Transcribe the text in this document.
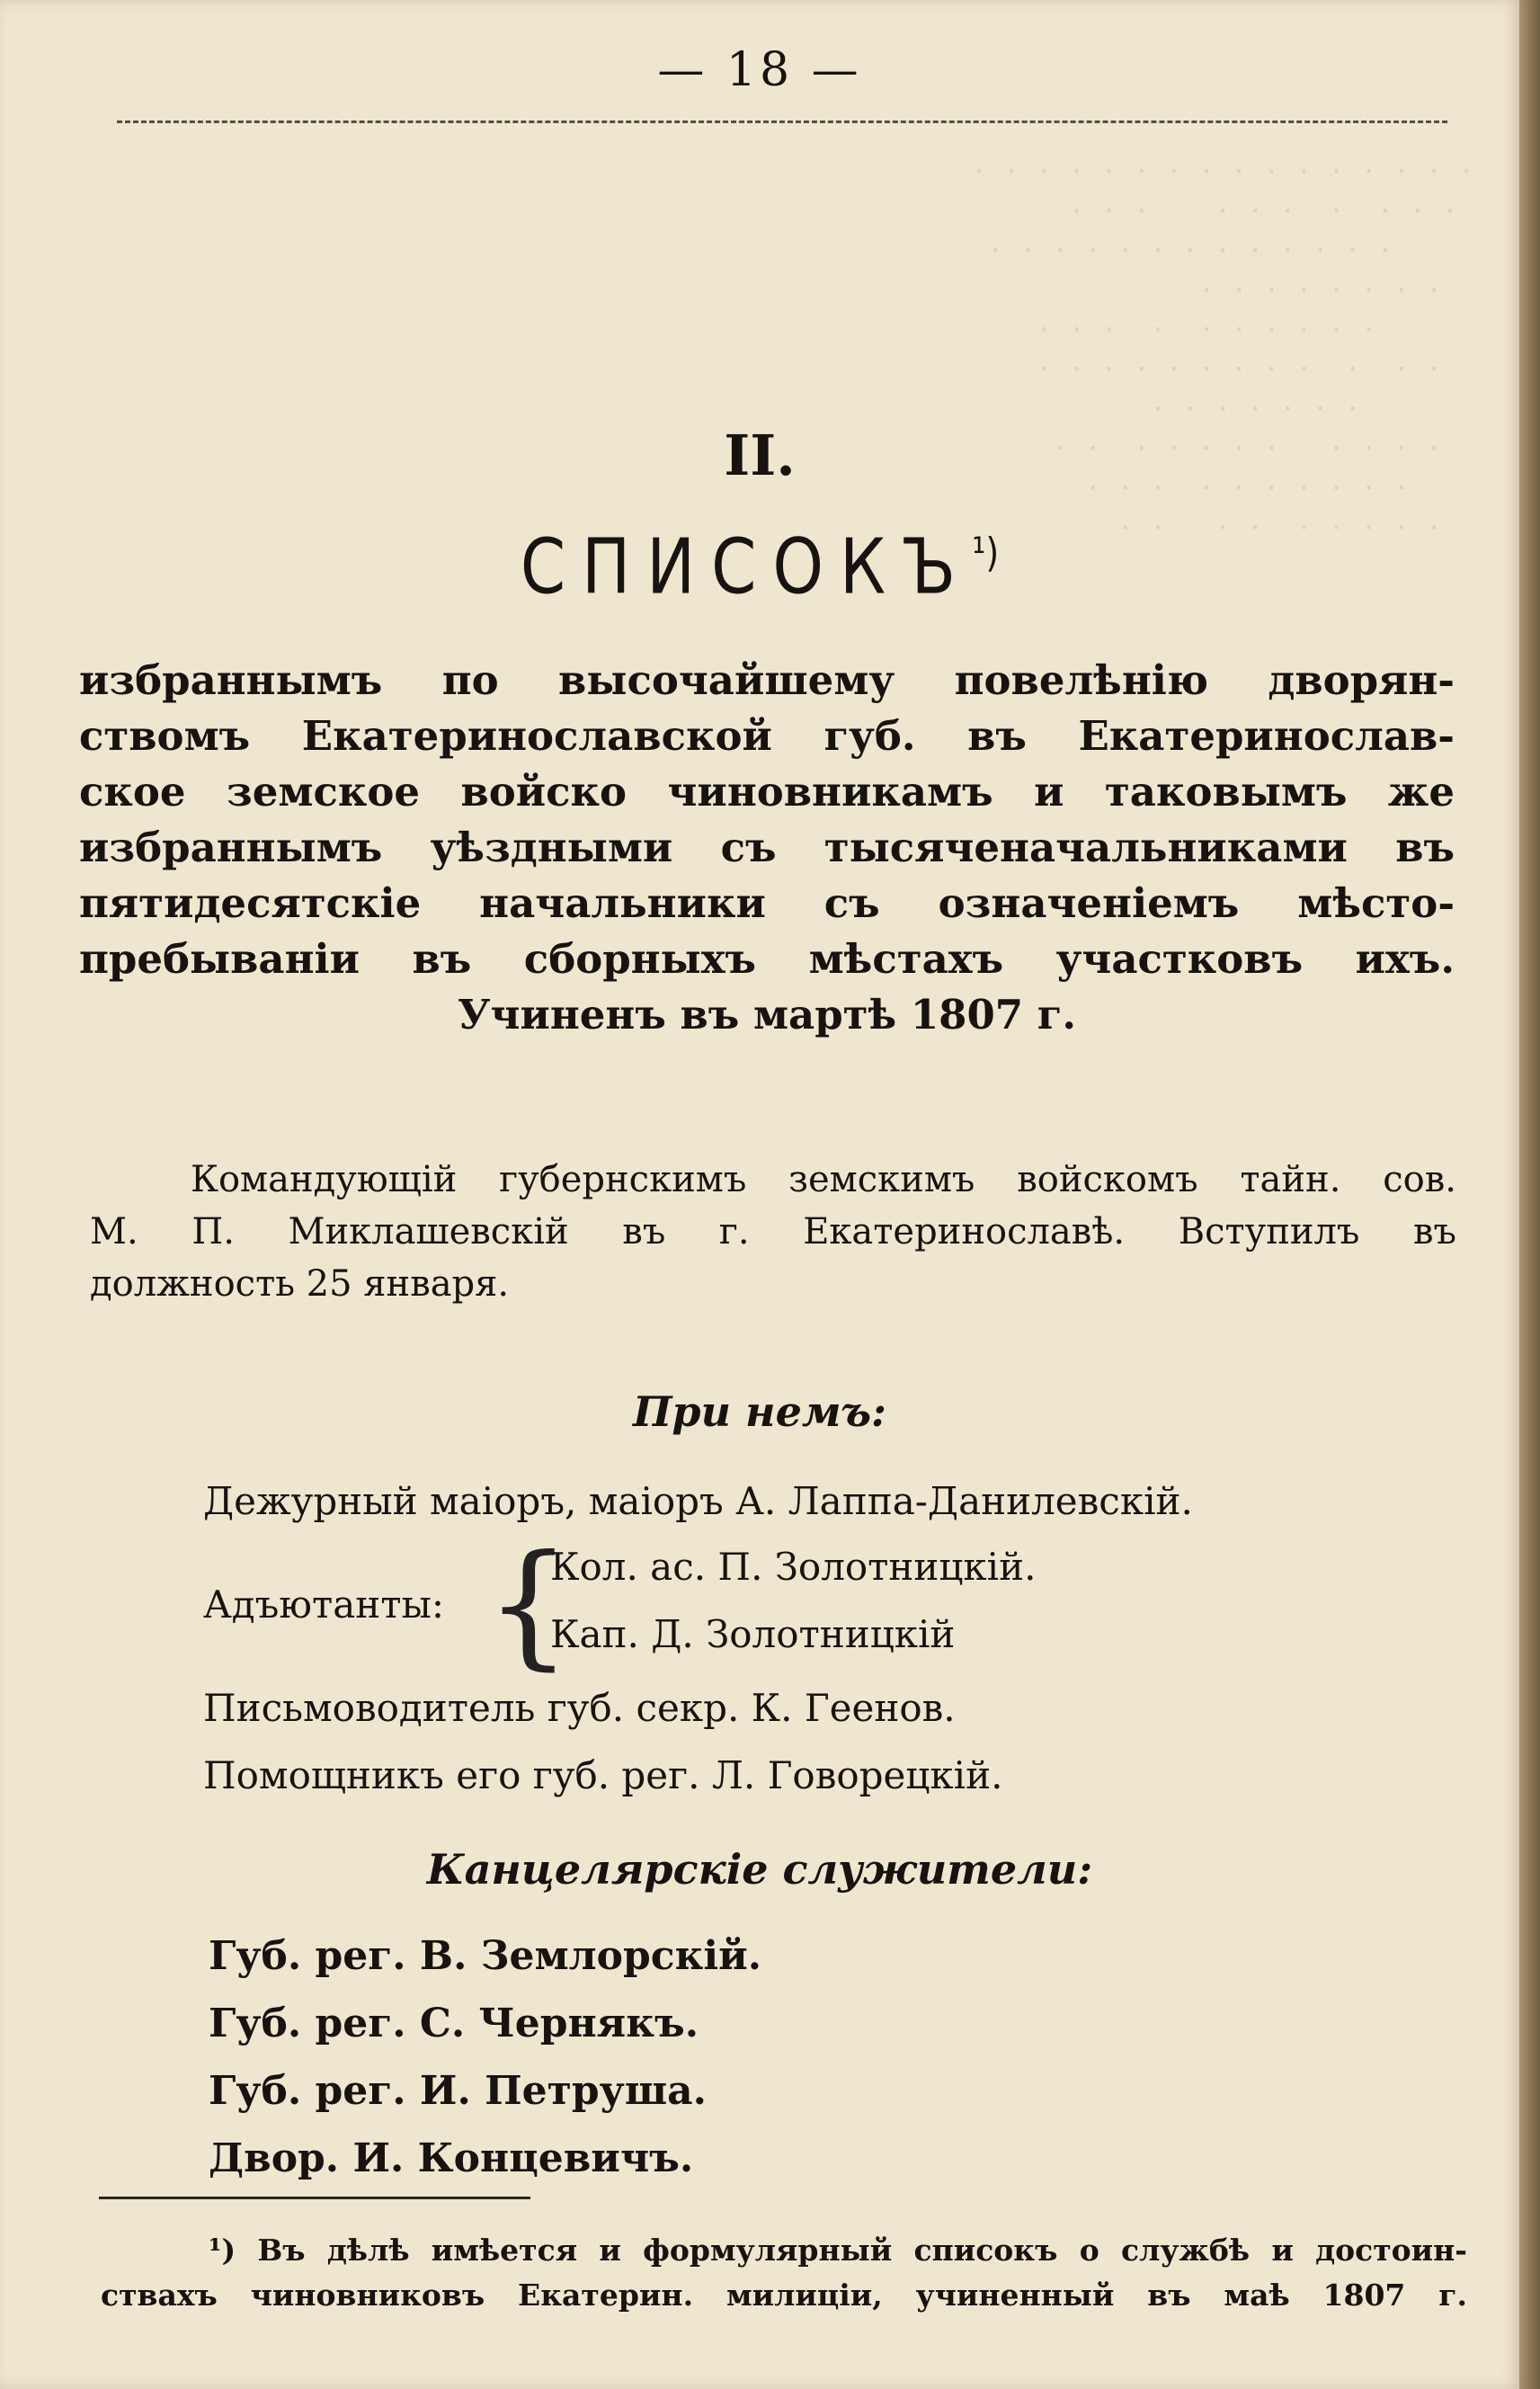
· · · · · · · · · · · · · · · ·
· · ·  ·  · · ·    · · ·
· · · · · · · · · · · · ·
· · · · · · · ·
· · · · · ·  ·  · · ·
· ·  ·  · · · · · · · · ·
· · · · · · ·
· · · ·   · · · · ·  · ·
· · · · · · ·  · · ·
· · · · ·  · ·   · ·
— 18 —
II.
$СПИСОКЪ^{^1)}$
избраннымъ по высочайшему повелѣнію дворян-
ствомъ Екатеринославской губ. въ Екатеринослав-
ское земское войско чиновникамъ и таковымъ же
избраннымъ уѣздными съ тысяченачальниками въ
пятидесятскіе начальники съ означеніемъ мѣсто-
пребываніи въ сборныхъ мѣстахъ участковъ ихъ.
Учиненъ въ мартѣ 1807 г.
Командующій губернскимъ земскимъ войскомъ тайн. сов.
М. П. Миклашевскій въ г. Екатеринославѣ. Вступилъ въ
должность 25 января.
При немъ:
Дежурный маіоръ, маіоръ А. Лаппа-Данилевскій.
Адъютанты: {
Кол. ас. П. Золотницкій.
Кап. Д. Золотницкій
Письмоводитель губ. секр. К. Геенов.
Помощникъ его губ. рег. Л. Говорецкій.
Канцелярскіе служители:
Губ. рег. В. Землорскій.
Губ. рег. С. Чернякъ.
Губ. рег. И. Петруша.
Двор. И. Концевичъ.
¹) Въ дѣлѣ имѣется и формулярный списокъ о службѣ и достоин-
ствахъ чиновниковъ Екатерин. милиціи, учиненный въ маѣ 1807 г.
